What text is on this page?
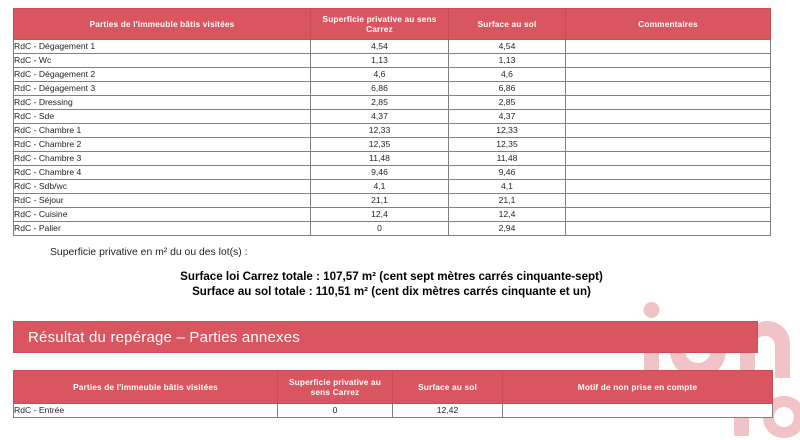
Parties de l'immeuble bâtis visitées	Superficie privative au sens Carrez	Surface au sol	Commentaires
RdC - Dégagement 1	4,54	4,54	
RdC - Wc	1,13	1,13	
RdC - Dégagement 2	4,6	4,6	
RdC - Dégagement 3	6,86	6,86	
RdC - Dressing	2,85	2,85	
RdC - Sde	4,37	4,37	
RdC - Chambre 1	12,33	12,33	
RdC - Chambre 2	12,35	12,35	
RdC - Chambre 3	11,48	11,48	
RdC - Chambre 4	9,46	9,46	
RdC - Sdb/wc	4,1	4,1	
RdC - Séjour	21,1	21,1	
RdC - Cuisine	12,4	12,4	
RdC - Palier	0	2,94	
Superficie privative en m² du ou des lot(s) :
Surface loi Carrez totale : 107,57 m² (cent sept mètres carrés cinquante-sept)
Surface au sol totale : 110,51 m² (cent dix mètres carrés cinquante et un)
Résultat du repérage – Parties annexes
Parties de l'immeuble bâtis visitées	Superficie privative au sens Carrez	Surface au sol	Motif de non prise en compte
RdC - Entrée	0	12,42	
